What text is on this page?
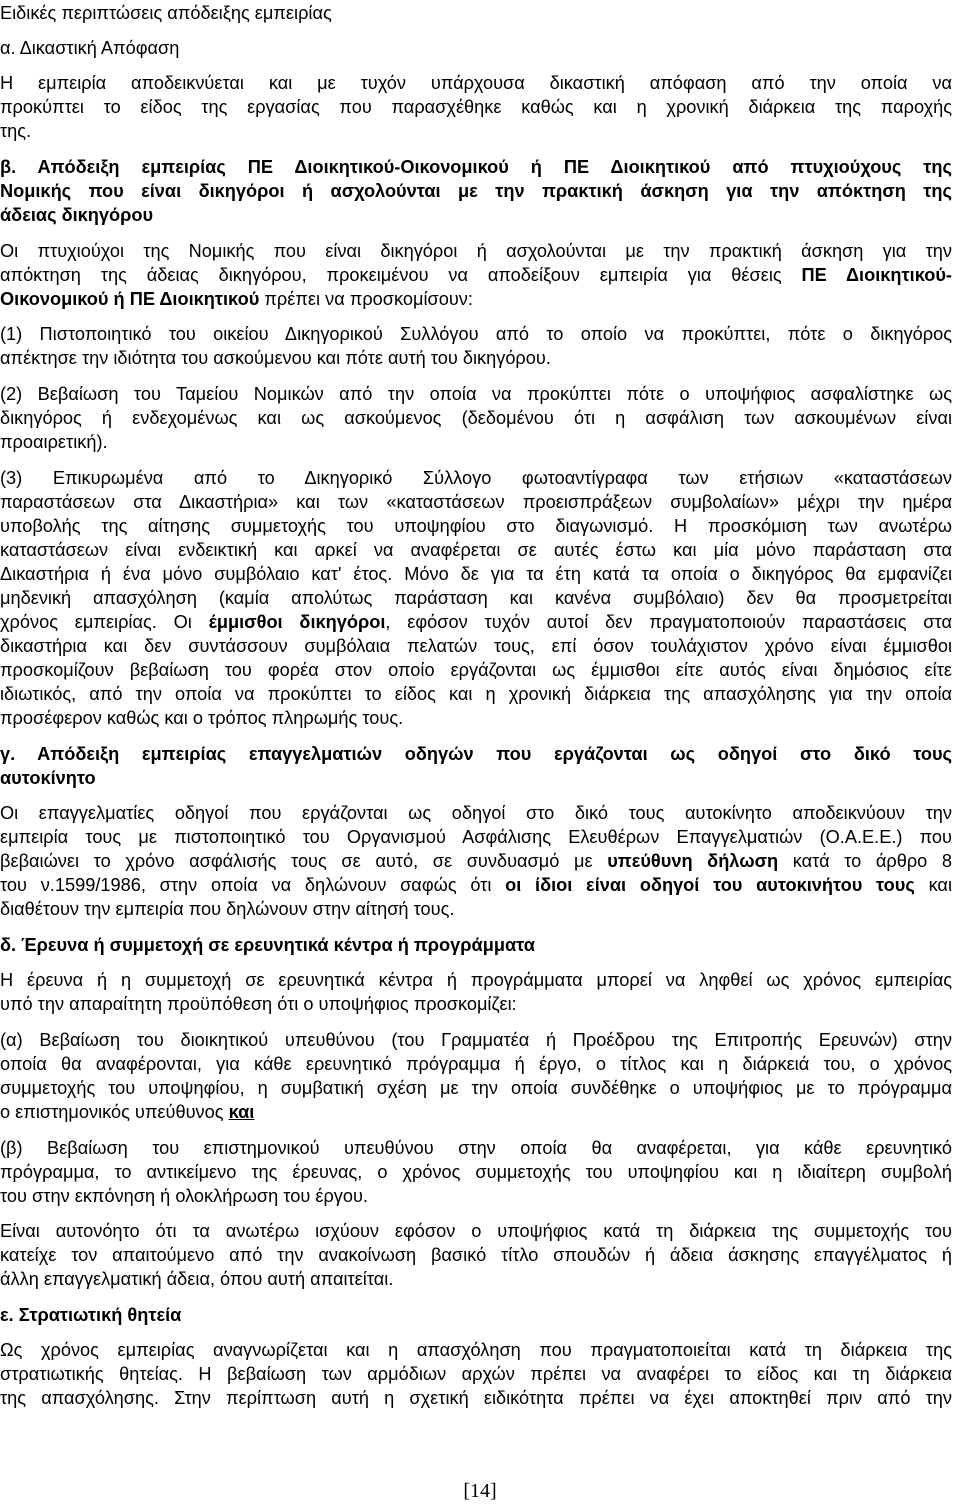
Ειδικές περιπτώσεις απόδειξης εμπειρίας
α. Δικαστική Απόφαση
Η εμπειρία αποδεικνύεται και με τυχόν υπάρχουσα δικαστική απόφαση από την οποία να
προκύπτει το είδος της εργασίας που παρασχέθηκε καθώς και η χρονική διάρκεια της παροχής
της.
β. Απόδειξη εμπειρίας ΠΕ Διοικητικού-Οικονομικού ή ΠΕ Διοικητικού από πτυχιούχους της
Νομικής που είναι δικηγόροι ή ασχολούνται με την πρακτική άσκηση για την απόκτηση της
άδειας δικηγόρου
Οι πτυχιούχοι της Νομικής που είναι δικηγόροι ή ασχολούνται με την πρακτική άσκηση για την
απόκτηση της άδειας δικηγόρου, προκειμένου να αποδείξουν εμπειρία για θέσεις ΠΕ Διοικητικού-
Οικονομικού ή ΠΕ Διοικητικού πρέπει να προσκομίσουν:
(1) Πιστοποιητικό του οικείου Δικηγορικού Συλλόγου από το οποίο να προκύπτει, πότε ο δικηγόρος
απέκτησε την ιδιότητα του ασκούμενου και πότε αυτή του δικηγόρου.
(2) Βεβαίωση του Ταμείου Νομικών από την οποία να προκύπτει πότε ο υποψήφιος ασφαλίστηκε ως
δικηγόρος ή ενδεχομένως και ως ασκούμενος (δεδομένου ότι η ασφάλιση των ασκουμένων είναι
προαιρετική).
(3) Επικυρωμένα από το Δικηγορικό Σύλλογο φωτοαντίγραφα των ετήσιων «καταστάσεων
παραστάσεων στα Δικαστήρια» και των «καταστάσεων προεισπράξεων συμβολαίων» μέχρι την ημέρα
υποβολής της αίτησης συμμετοχής του υποψηφίου στο διαγωνισμό. Η προσκόμιση των ανωτέρω
καταστάσεων είναι ενδεικτική και αρκεί να αναφέρεται σε αυτές έστω και μία μόνο παράσταση στα
Δικαστήρια ή ένα μόνο συμβόλαιο κατ' έτος. Μόνο δε για τα έτη κατά τα οποία ο δικηγόρος θα εμφανίζει
μηδενική απασχόληση (καμία απολύτως παράσταση και κανένα συμβόλαιο) δεν θα προσμετρείται
χρόνος εμπειρίας. Οι έμμισθοι δικηγόροι, εφόσον τυχόν αυτοί δεν πραγματοποιούν παραστάσεις στα
δικαστήρια και δεν συντάσσουν συμβόλαια πελατών τους, επί όσον τουλάχιστον χρόνο είναι έμμισθοι
προσκομίζουν βεβαίωση του φορέα στον οποίο εργάζονται ως έμμισθοι είτε αυτός είναι δημόσιος είτε
ιδιωτικός, από την οποία να προκύπτει το είδος και η χρονική διάρκεια της απασχόλησης για την οποία
προσέφερον καθώς και ο τρόπος πληρωμής τους.
γ. Απόδειξη εμπειρίας επαγγελματιών οδηγών που εργάζονται ως οδηγοί στο δικό τους
αυτοκίνητο
Οι επαγγελματίες οδηγοί που εργάζονται ως οδηγοί στο δικό τους αυτοκίνητο αποδεικνύουν την
εμπειρία τους με πιστοποιητικό του Οργανισμού Ασφάλισης Ελευθέρων Επαγγελματιών (Ο.Α.Ε.Ε.) που
βεβαιώνει το χρόνο ασφάλισής τους σε αυτό, σε συνδυασμό με υπεύθυνη δήλωση κατά το άρθρο 8
του ν.1599/1986, στην οποία να δηλώνουν σαφώς ότι οι ίδιοι είναι οδηγοί του αυτοκινήτου τους και
διαθέτουν την εμπειρία που δηλώνουν στην αίτησή τους.
δ. Έρευνα ή συμμετοχή σε ερευνητικά κέντρα ή προγράμματα
Η έρευνα ή η συμμετοχή σε ερευνητικά κέντρα ή προγράμματα μπορεί να ληφθεί ως χρόνος εμπειρίας
υπό την απαραίτητη προϋπόθεση ότι ο υποψήφιος προσκομίζει:
(α) Βεβαίωση του διοικητικού υπευθύνου (του Γραμματέα ή Προέδρου της Επιτροπής Ερευνών) στην
οποία θα αναφέρονται, για κάθε ερευνητικό πρόγραμμα ή έργο, ο τίτλος και η διάρκειά του, ο χρόνος
συμμετοχής του υποψηφίου, η συμβατική σχέση με την οποία συνδέθηκε ο υποψήφιος με το πρόγραμμα
ο επιστημονικός υπεύθυνος και
(β) Βεβαίωση του επιστημονικού υπευθύνου στην οποία θα αναφέρεται, για κάθε ερευνητικό
πρόγραμμα, το αντικείμενο της έρευνας, ο χρόνος συμμετοχής του υποψηφίου και η ιδιαίτερη συμβολή
του στην εκπόνηση ή ολοκλήρωση του έργου.
Είναι αυτονόητο ότι τα ανωτέρω ισχύουν εφόσον ο υποψήφιος κατά τη διάρκεια της συμμετοχής του
κατείχε τον απαιτούμενο από την ανακοίνωση βασικό τίτλο σπουδών ή άδεια άσκησης επαγγέλματος ή
άλλη επαγγελματική άδεια, όπου αυτή απαιτείται.
ε. Στρατιωτική θητεία
Ως χρόνος εμπειρίας αναγνωρίζεται και η απασχόληση που πραγματοποιείται κατά τη διάρκεια της
στρατιωτικής θητείας. Η βεβαίωση των αρμόδιων αρχών πρέπει να αναφέρει το είδος και τη διάρκεια
της απασχόλησης. Στην περίπτωση αυτή η σχετική ειδικότητα πρέπει να έχει αποκτηθεί πριν από την
[14]
